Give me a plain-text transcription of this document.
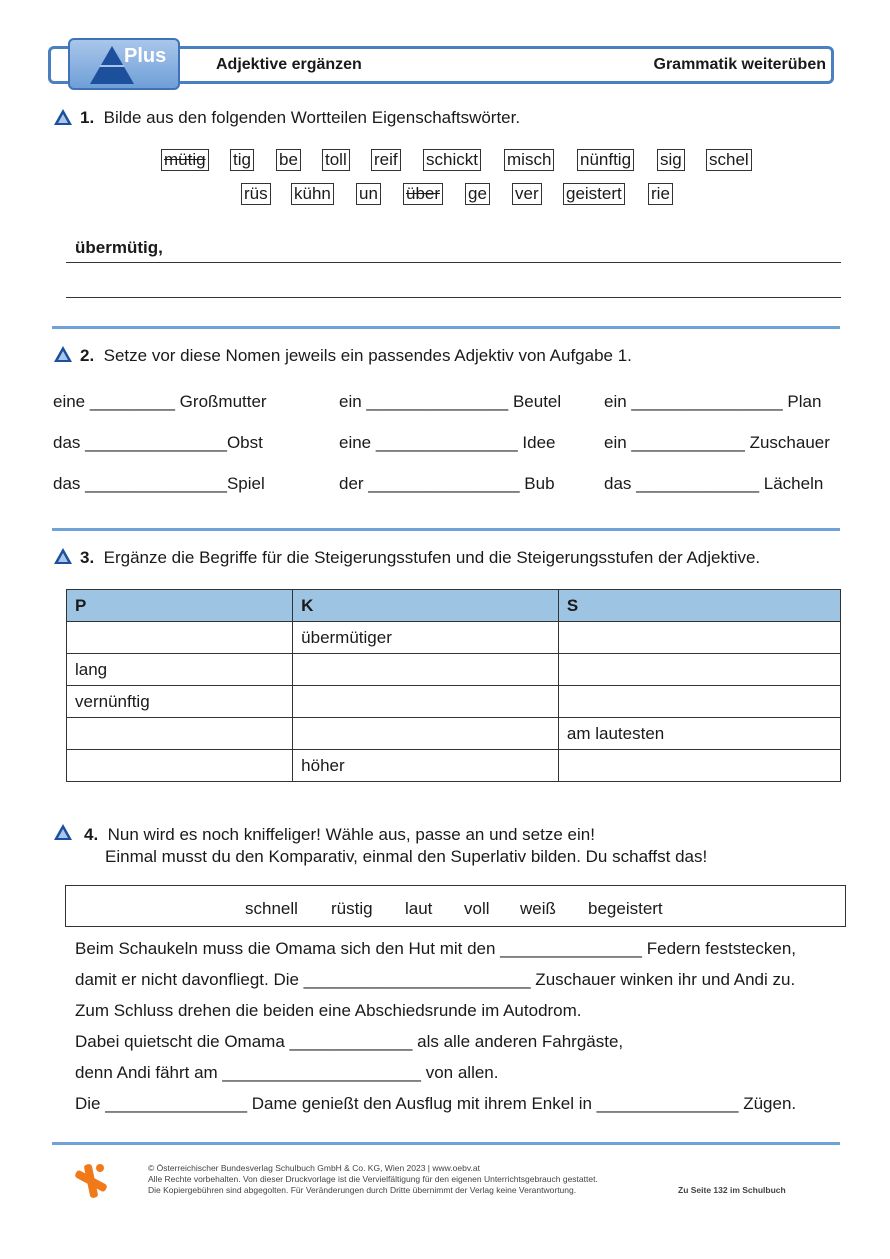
Plus	Adjektive ergänzen	Grammatik weiterüben
1. Bilde aus den folgenden Wortteilen Eigenschaftswörter.
mütig tig be toll reif schickt misch nünftig sig schel
rüs kühn un über ge ver geistert rie
übermütig,
2. Setze vor diese Nomen jeweils ein passendes Adjektiv von Aufgabe 1.
eine _________ Großmutter	ein _______________ Beutel	ein ________________ Plan
das _______________Obst	eine _______________ Idee	ein ____________ Zuschauer
das _______________Spiel	der ________________ Bub	das _____________ Lächeln
3. Ergänze die Begriffe für die Steigerungsstufen und die Steigerungsstufen der Adjektive.
P	K	S
	übermütiger	
lang		
vernünftig		
		am lautesten
	höher	
4. Nun wird es noch kniffeliger! Wähle aus, passe an und setze ein!
Einmal musst du den Komparativ, einmal den Superlativ bilden. Du schaffst das!
schnell rüstig laut voll weiß begeistert
Beim Schaukeln muss die Omama sich den Hut mit den _______________ Federn feststecken,
damit er nicht davonfliegt. Die ________________________ Zuschauer winken ihr und Andi zu.
Zum Schluss drehen die beiden eine Abschiedsrunde im Autodrom.
Dabei quietscht die Omama _____________ als alle anderen Fahrgäste,
denn Andi fährt am _____________________ von allen.
Die _______________ Dame genießt den Ausflug mit ihrem Enkel in _______________ Zügen.
© Österreichischer Bundesverlag Schulbuch GmbH & Co. KG, Wien 2023 | www.oebv.at
Alle Rechte vorbehalten. Von dieser Druckvorlage ist die Vervielfältigung für den eigenen Unterrichtsgebrauch gestattet.
Die Kopiergebühren sind abgegolten. Für Veränderungen durch Dritte übernimmt der Verlag keine Verantwortung.	Zu Seite 132 im Schulbuch
